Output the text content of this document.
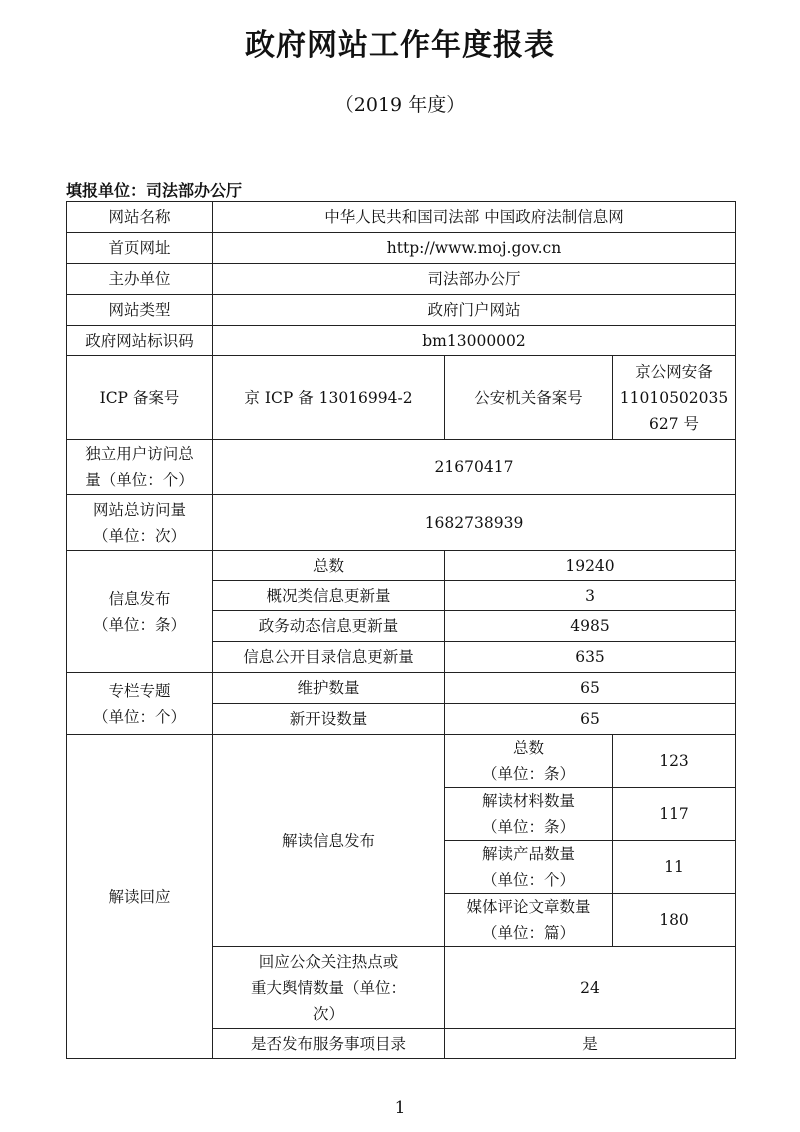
政府网站工作年度报表
（2019 年度）
填报单位：司法部办公厅
网站名称	中华人民共和国司法部 中国政府法制信息网		
首页网址	http://www.moj.gov.cn		
主办单位	司法部办公厅		
网站类型	政府门户网站		
政府网站标识码	bm13000002		
ICP 备案号	京 ICP 备 13016994-2	公安机关备案号	京公网安备
11010502035
627 号

独立用户访问总
量（单位：个）	21670417		

网站总访问量
（单位：次）	1682738939		

信息发布
（单位：条）	总数	19240	
	概况类信息更新量	3	
	政务动态信息更新量	4985	
	信息公开目录信息更新量	635	

专栏专题
（单位：个）	维护数量	65	
	新开设数量	65	
解读回应	解读信息发布	总数
（单位：条）	123

		解读材料数量
（单位：条）	117

		解读产品数量
（单位：个）	11

		媒体评论文章数量
（单位：篇）	180

	回应公众关注热点或
重大舆情数量（单位：
次）	24	
	是否发布服务事项目录	是	
1
